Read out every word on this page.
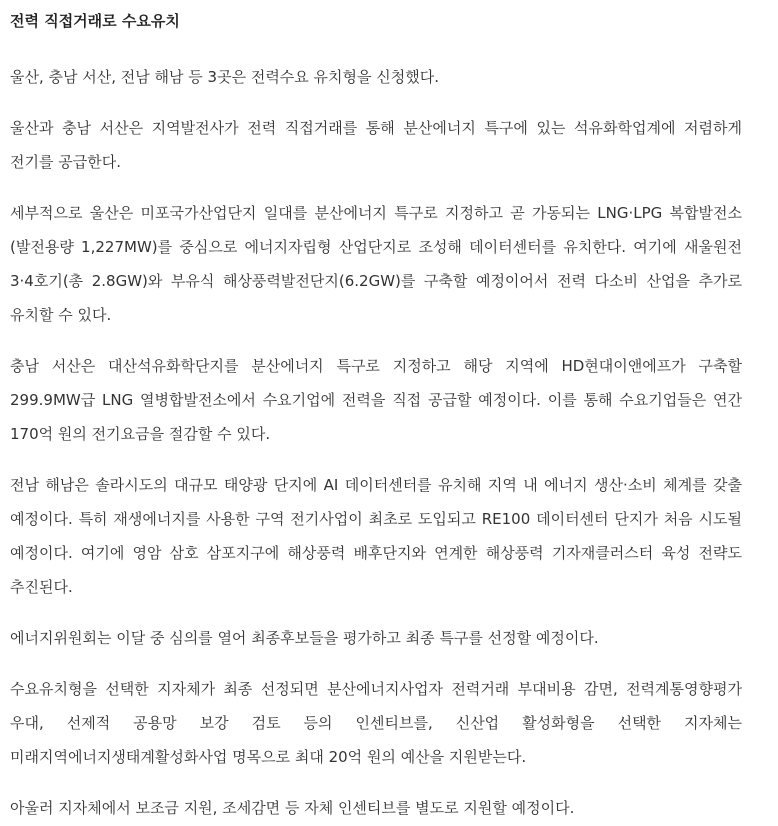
전력 직접거래로 수요유치

울산, 충남 서산, 전남 해남 등 3곳은 전력수요 유치형을 신청했다.

울산과 충남 서산은 지역발전사가 전력 직접거래를 통해 분산에너지 특구에 있는 석유화학업계에 저렴하게 전기를 공급한다.

세부적으로 울산은 미포국가산업단지 일대를 분산에너지 특구로 지정하고 곧 가동되는 LNG·LPG 복합발전소(발전용량 1,227MW)를 중심으로 에너지자립형 산업단지로 조성해 데이터센터를 유치한다. 여기에 새울원전 3·4호기(총 2.8GW)와 부유식 해상풍력발전단지(6.2GW)를 구축할 예정이어서 전력 다소비 산업을 추가로 유치할 수 있다.

충남 서산은 대산석유화학단지를 분산에너지 특구로 지정하고 해당 지역에 HD현대이앤에프가 구축할 299.9MW급 LNG 열병합발전소에서 수요기업에 전력을 직접 공급할 예정이다. 이를 통해 수요기업들은 연간 170억 원의 전기요금을 절감할 수 있다.

전남 해남은 솔라시도의 대규모 태양광 단지에 AI 데이터센터를 유치해 지역 내 에너지 생산·소비 체계를 갖출 예정이다. 특히 재생에너지를 사용한 구역 전기사업이 최초로 도입되고 RE100 데이터센터 단지가 처음 시도될 예정이다. 여기에 영암 삼호 삼포지구에 해상풍력 배후단지와 연계한 해상풍력 기자재클러스터 육성 전략도 추진된다.

에너지위원회는 이달 중 심의를 열어 최종후보들을 평가하고 최종 특구를 선정할 예정이다.

수요유치형을 선택한 지자체가 최종 선정되면 분산에너지사업자 전력거래 부대비용 감면, 전력계통영향평가 우대, 선제적 공용망 보강 검토 등의 인센티브를, 신산업 활성화형을 선택한 지자체는 미래지역에너지생태계활성화사업 명목으로 최대 20억 원의 예산을 지원받는다.

아울러 지자체에서 보조금 지원, 조세감면 등 자체 인센티브를 별도로 지원할 예정이다.
